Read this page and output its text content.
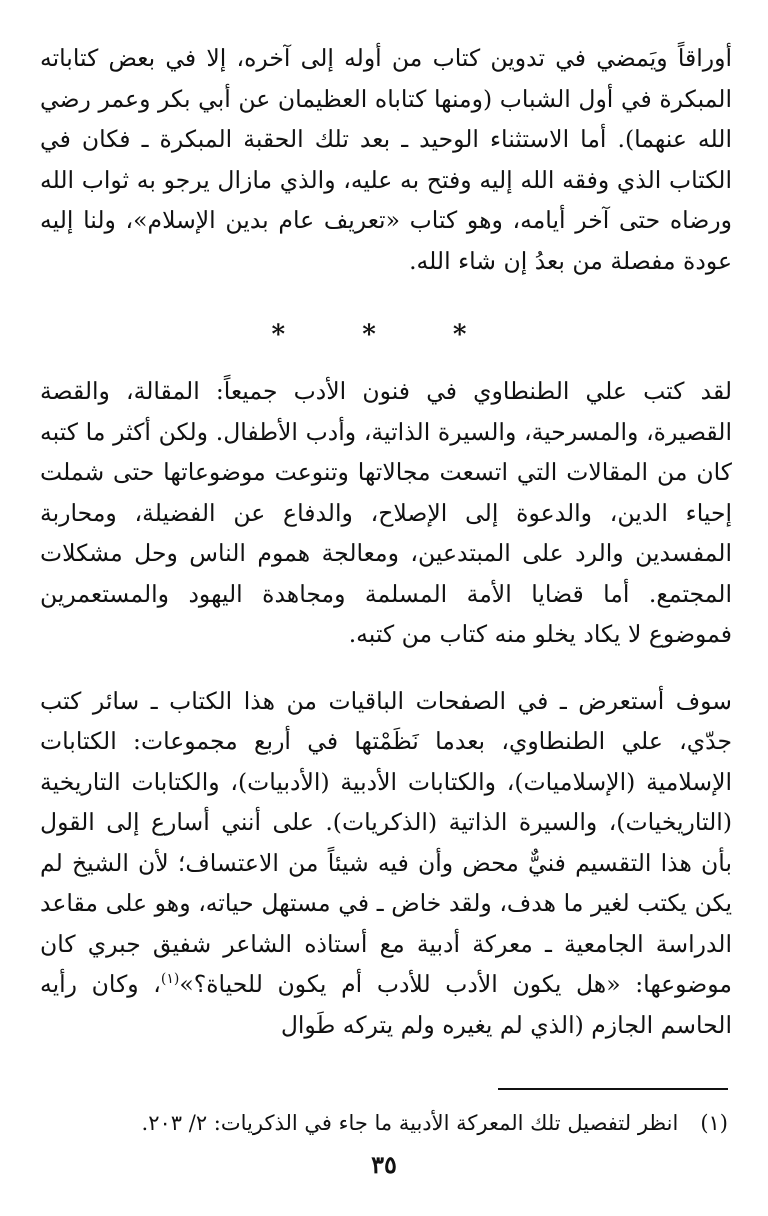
أوراقاً ويَمضي في تدوين كتاب من أوله إلى آخره، إلا في بعض كتاباته المبكرة في أول الشباب (ومنها كتاباه العظيمان عن أبي بكر وعمر رضي الله عنهما). أما الاستثناء الوحيد ـ بعد تلك الحقبة المبكرة ـ فكان في الكتاب الذي وفقه الله إليه وفتح به عليه، والذي مازال يرجو به ثواب الله ورضاه حتى آخر أيامه، وهو كتاب «تعريف عام بدين الإسلام»، ولنا إليه عودة مفصلة من بعدُ إن شاء الله.

* * *

لقد كتب علي الطنطاوي في فنون الأدب جميعاً: المقالة، والقصة القصيرة، والمسرحية، والسيرة الذاتية، وأدب الأطفال. ولكن أكثر ما كتبه كان من المقالات التي اتسعت مجالاتها وتنوعت موضوعاتها حتى شملت إحياء الدين، والدعوة إلى الإصلاح، والدفاع عن الفضيلة، ومحاربة المفسدين والرد على المبتدعين، ومعالجة هموم الناس وحل مشكلات المجتمع. أما قضايا الأمة المسلمة ومجاهدة اليهود والمستعمرين فموضوع لا يكاد يخلو منه كتاب من كتبه.

سوف أستعرض ـ في الصفحات الباقيات من هذا الكتاب ـ سائر كتب جدّي، علي الطنطاوي، بعدما نَظَمْتها في أربع مجموعات: الكتابات الإسلامية (الإسلاميات)، والكتابات الأدبية (الأدبيات)، والكتابات التاريخية (التاريخيات)، والسيرة الذاتية (الذكريات). على أنني أسارع إلى القول بأن هذا التقسيم فنيٌّ محض وأن فيه شيئاً من الاعتساف؛ لأن الشيخ لم يكن يكتب لغير ما هدف، ولقد خاض ـ في مستهل حياته، وهو على مقاعد الدراسة الجامعية ـ معركة أدبية مع أستاذه الشاعر شفيق جبري كان موضوعها: «هل يكون الأدب للأدب أم يكون للحياة؟»$^{(١)}$، وكان رأيه الحاسم الجازم (الذي لم يغيره ولم يتركه طَوال

(١)انظر لتفصيل تلك المعركة الأدبية ما جاء في الذكريات: ٢/ ٢٠٣.
٣٥
